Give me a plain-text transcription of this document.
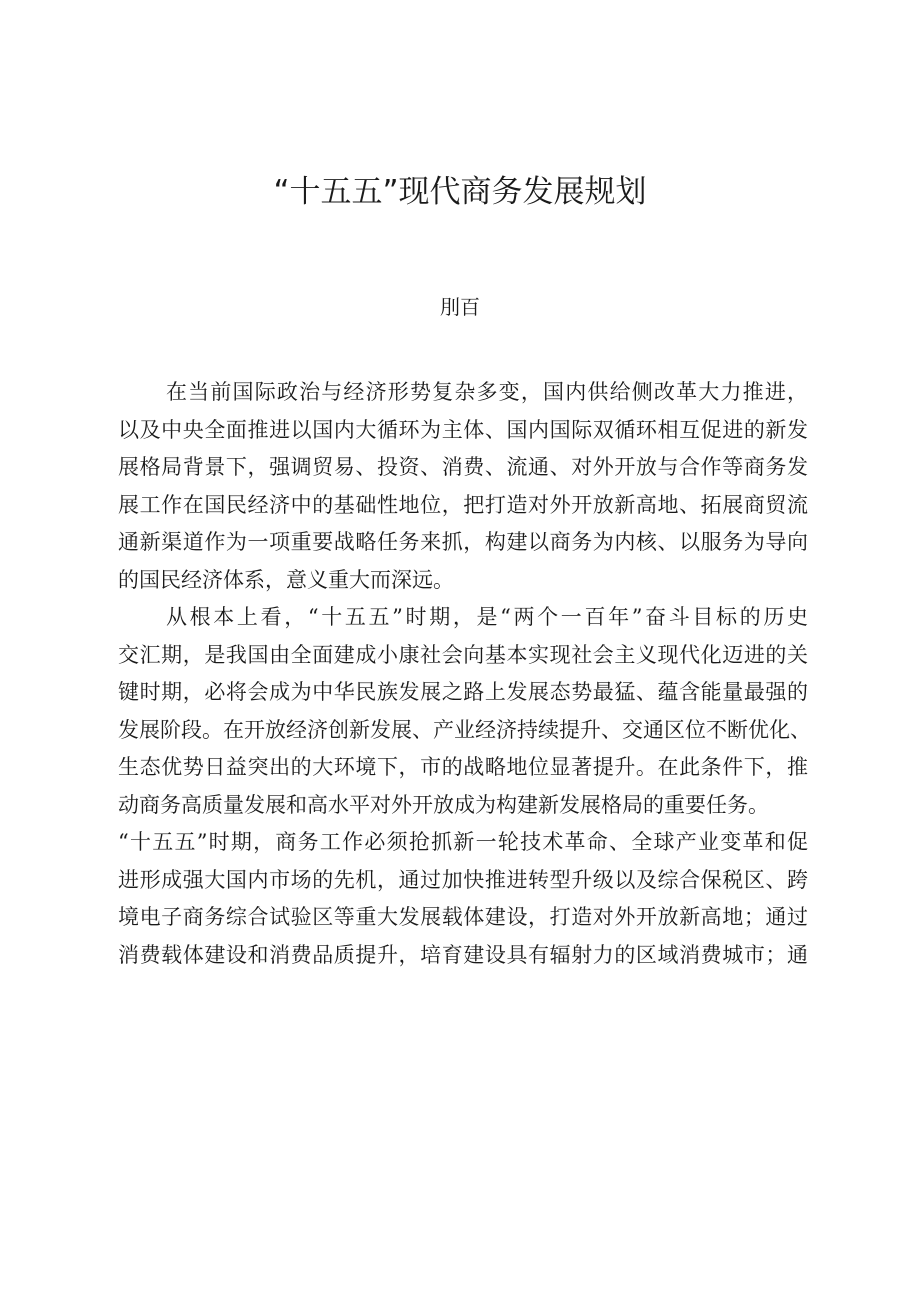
“十五五”现代商务发展规划
刖百

在当前国际政治与经济形势复杂多变，国内供给侧改革大力推进，
以及中央全面推进以国内大循环为主体、国内国际双循环相互促进的新发
展格局背景下，强调贸易、投资、消费、流通、对外开放与合作等商务发
展工作在国民经济中的基础性地位，把打造对外开放新高地、拓展商贸流
通新渠道作为一项重要战略任务来抓，构建以商务为内核、以服务为导向
的国民经济体系，意义重大而深远。

从根本上看，“十五五”时期，是“两个一百年”奋斗目标的历史
交汇期，是我国由全面建成小康社会向基本实现社会主义现代化迈进的关
键时期，必将会成为中华民族发展之路上发展态势最猛、蕴含能量最强的
发展阶段。在开放经济创新发展、产业经济持续提升、交通区位不断优化、
生态优势日益突出的大环境下，市的战略地位显著提升。在此条件下，推
动商务高质量发展和高水平对外开放成为构建新发展格局的重要任务。
“十五五”时期，商务工作必须抢抓新一轮技术革命、全球产业变革和促
进形成强大国内市场的先机，通过加快推进转型升级以及综合保税区、跨
境电子商务综合试验区等重大发展载体建设，打造对外开放新高地；通过
消费载体建设和消费品质提升，培育建设具有辐射力的区域消费城市；通
